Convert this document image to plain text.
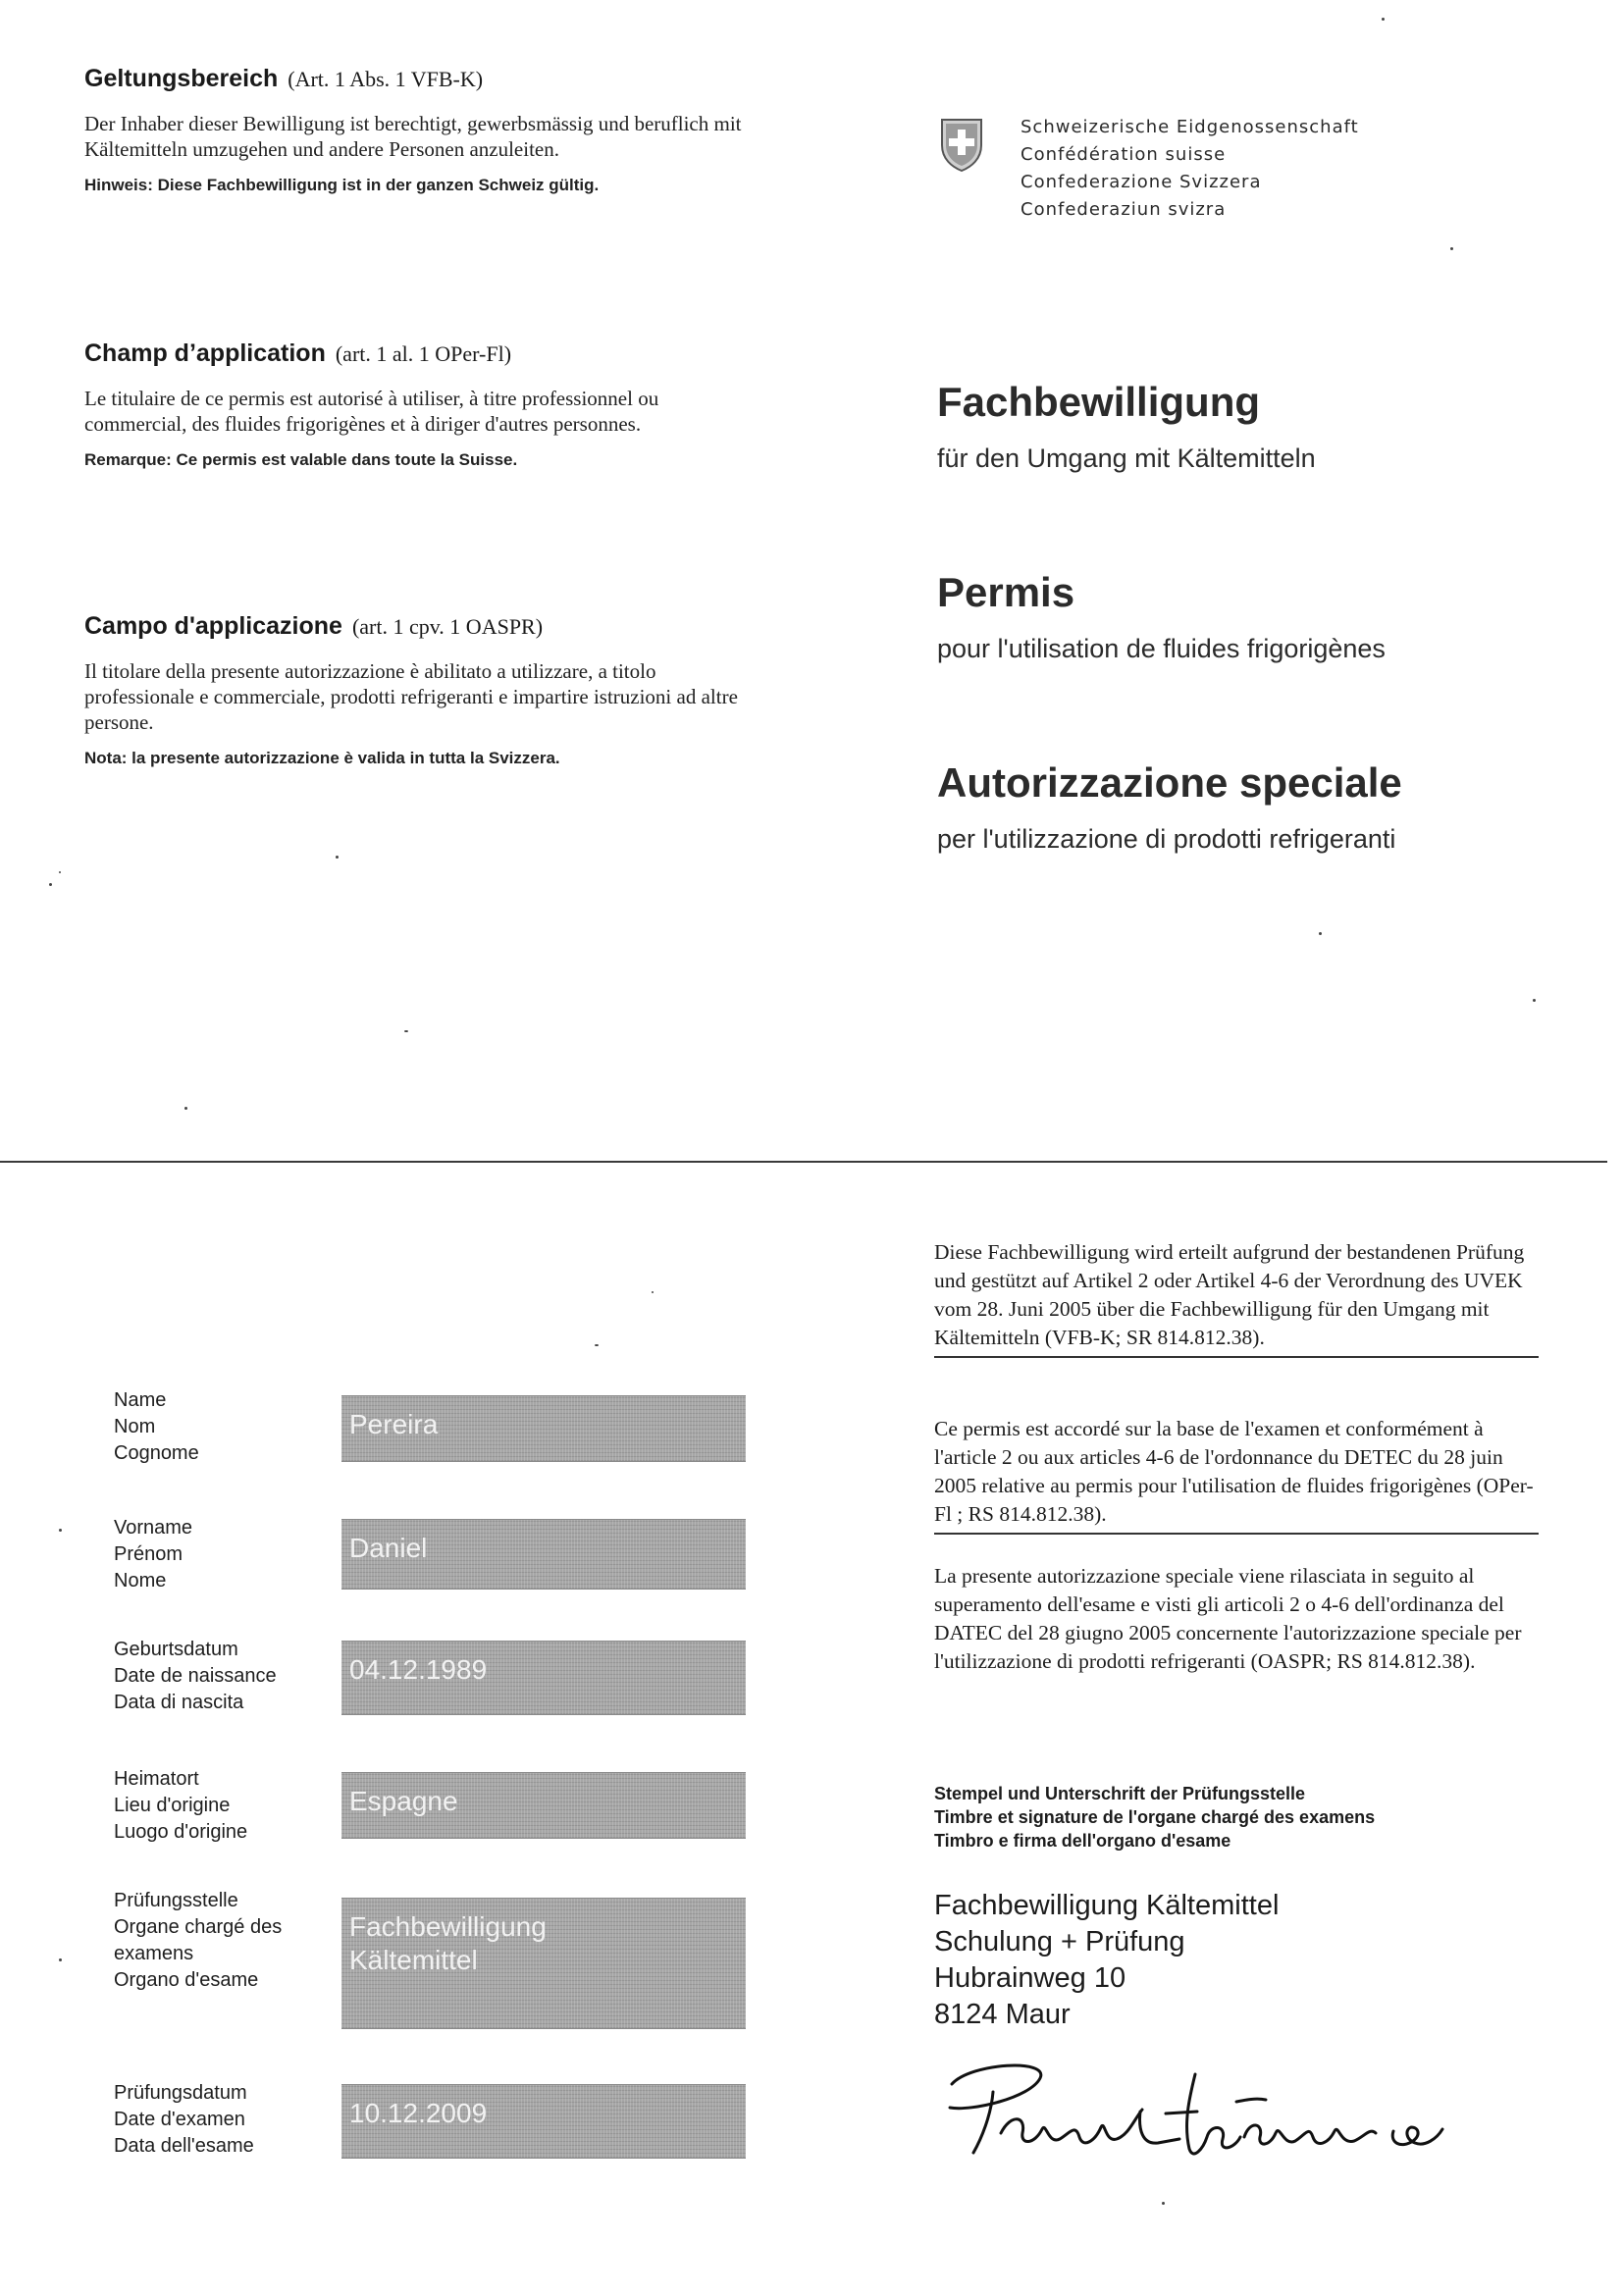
Geltungsbereich (Art. 1 Abs. 1 VFB-K)

Der Inhaber dieser Bewilligung ist berechtigt, gewerbsmässig und beruflich mit Kältemitteln umzugehen und andere Personen anzuleiten.

Hinweis: Diese Fachbewilligung ist in der ganzen Schweiz gültig.
Champ d’application (art. 1 al. 1 OPer-Fl)

Le titulaire de ce permis est autorisé à utiliser, à titre professionnel ou commercial, des fluides frigorigènes et à diriger d'autres personnes.

Remarque: Ce permis est valable dans toute la Suisse.
Campo d'applicazione (art. 1 cpv. 1 OASPR)

Il titolare della presente autorizzazione è abilitato a utilizzare, a titolo professionale e commerciale, prodotti refrigeranti e impartire istruzioni ad altre persone.

Nota: la presente autorizzazione è valida in tutta la Svizzera.
Schweizerische Eidgenossenschaft
Confédération suisse
Confederazione Svizzera
Confederaziun svizra
Fachbewilligung
für den Umgang mit Kältemitteln
Permis
pour l'utilisation de fluides frigorigènes
Autorizzazione speciale
per l'utilizzazione di prodotti refrigeranti
Name
Nom
Cognome
Pereira
Vorname
Prénom
Nome
Daniel
Geburtsdatum
Date de naissance
Data di nascita
04.12.1989
Heimatort
Lieu d'origine
Luogo d'origine
Espagne
Prüfungsstelle
Organe chargé des
examens
Organo d'esame
Fachbewilligung
Kältemittel
Prüfungsdatum
Date d'examen
Data dell'esame
10.12.2009
Diese Fachbewilligung wird erteilt aufgrund der bestandenen Prüfung und gestützt auf Artikel 2 oder Artikel 4-6 der Verordnung des UVEK vom 28. Juni 2005 über die Fachbewilligung für den Umgang mit Kältemitteln (VFB-K; SR 814.812.38).
Ce permis est accordé sur la base de l'examen et conformément à l'article 2 ou aux articles 4-6 de l'ordonnance du DETEC du 28 juin 2005 relative au permis pour l'utilisation de fluides frigorigènes (OPer-Fl ; RS 814.812.38).
La presente autorizzazione speciale viene rilasciata in seguito al superamento dell'esame e visti gli articoli 2 o 4-6 dell'ordinanza del DATEC del 28 giugno 2005 concernente l'autorizzazione speciale per l'utilizzazione di prodotti refrigeranti (OASPR; RS 814.812.38).
Stempel und Unterschrift der Prüfungsstelle
Timbre et signature de l'organe chargé des examens
Timbro e firma dell'organo d'esame
Fachbewilligung Kältemittel
Schulung + Prüfung
Hubrainweg 10
8124 Maur
